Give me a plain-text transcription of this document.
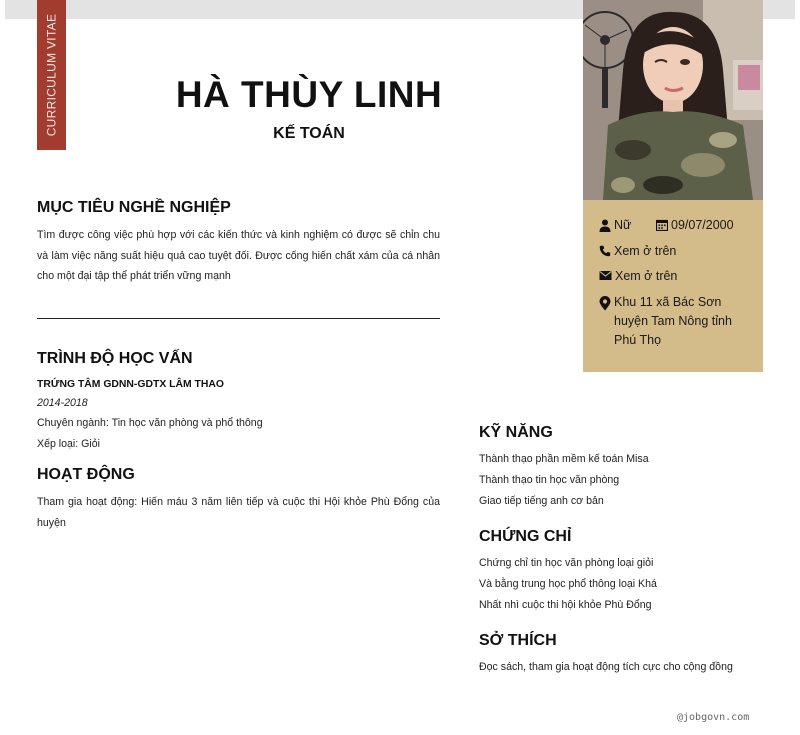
CURRICULUM VITAE	HÀ THÙY LINH
KẾ TOÁN
Nữ	09/07/2000
Xem ở trên
Xem ở trên
Khu 11 xã Bác Sơn
huyện Tam Nông tỉnh
Phú Thọ
MỤC TIÊU NGHỀ NGHIỆP
Tìm được công việc phù hợp với các kiến thức và kinh nghiệm có được sẽ chỉn chu và làm việc năng suất hiệu quả cao tuyệt đối. Được cống hiến chất xám của cá nhân cho một đại tập thể phát triển vững mạnh
TRÌNH ĐỘ HỌC VẤN
TRỨNG TÂM GDNN-GDTX LÂM THAO
2014-2018
Chuyên ngành: Tin học văn phòng và phổ thông
Xếp loại: Giỏi
HOẠT ĐỘNG
Tham gia hoạt động: Hiến máu 3 năm liên tiếp và cuộc thi Hội khỏe Phù Đổng của huyện
KỸ NĂNG
Thành thạo phần mềm kế toán Misa
Thành thạo tin học văn phòng
Giao tiếp tiếng anh cơ bản
CHỨNG CHỈ
Chứng chỉ tin học văn phòng loại giỏi
Và bằng trung học phổ thông loại Khá
Nhất nhì cuộc thi hội khỏe Phù Đổng
SỞ THÍCH
Đọc sách, tham gia hoạt động tích cực cho cộng đồng
@jobgovn.com
